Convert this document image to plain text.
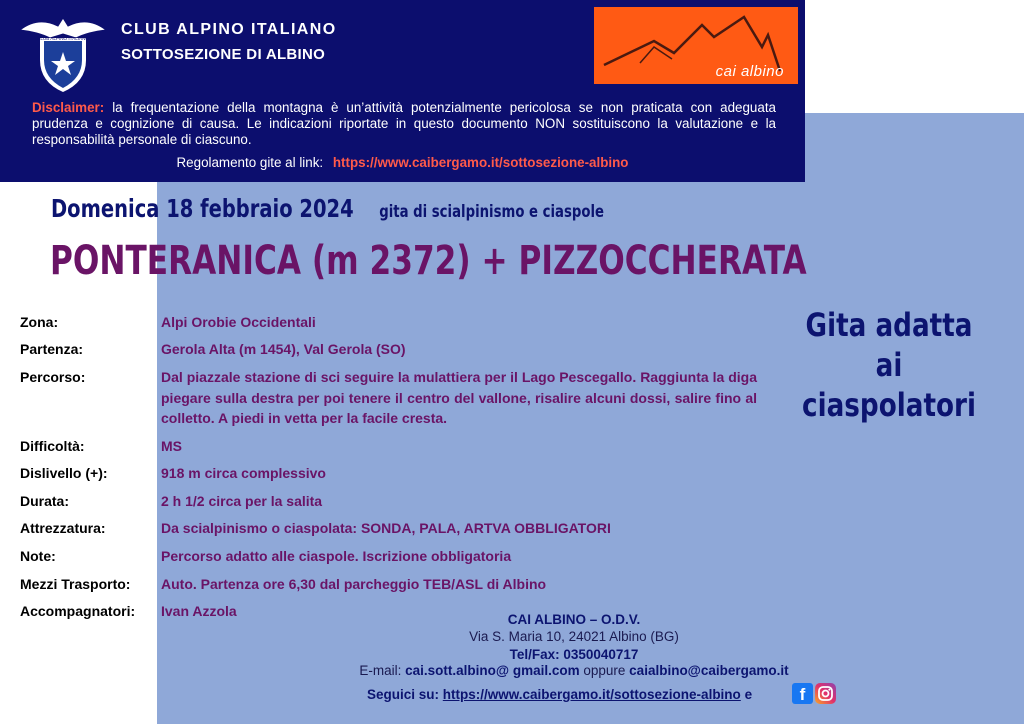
CLUB ALPINO ITALIANO
CLUB ALPINO ITALIANO
SOTTOSEZIONE DI ALBINO
cai albino
Disclaimer: la frequentazione della montagna è un’attività potenzialmente pericolosa se non praticata con adeguata prudenza e cognizione di causa. Le indicazioni riportate in questo documento NON sostituiscono la valutazione e la responsabilità personale di ciascuno.
Regolamento gite al link: https://www.caibergamo.it/sottosezione-albino
Domenica 18 febbraio 2024 gita di scialpinismo e ciaspole
PONTERANICA (m 2372) + PIZZOCCHERATA
Gita adatta ai ciaspolatori
Zona:	Alpi Orobie Occidentali
Partenza:	Gerola Alta (m 1454), Val Gerola (SO)
Percorso:	Dal piazzale stazione di sci seguire la mulattiera per il Lago Pescegallo. Raggiunta la diga piegare sulla destra per poi tenere il centro del vallone, risalire alcuni dossi, salire fino al colletto. A piedi in vetta per la facile cresta.
Difficoltà:	MS
Dislivello (+):	918 m circa complessivo
Durata:	2 h 1/2 circa per la salita
Attrezzatura:	Da scialpinismo o ciaspolata: SONDA, PALA, ARTVA OBBLIGATORI
Note:	Percorso adatto alle ciaspole. Iscrizione obbligatoria
Mezzi Trasporto: Auto. Partenza ore 6,30 dal parcheggio TEB/ASL di Albino
Accompagnatori: Ivan Azzola
CAI ALBINO – O.D.V.
Via S. Maria 10, 24021 Albino (BG)
Tel/Fax: 0350040717
E-mail: cai.sott.albino@ gmail.com oppure caialbino@caibergamo.it
Seguici su: https://www.caibergamo.it/sottosezione-albino e	f
